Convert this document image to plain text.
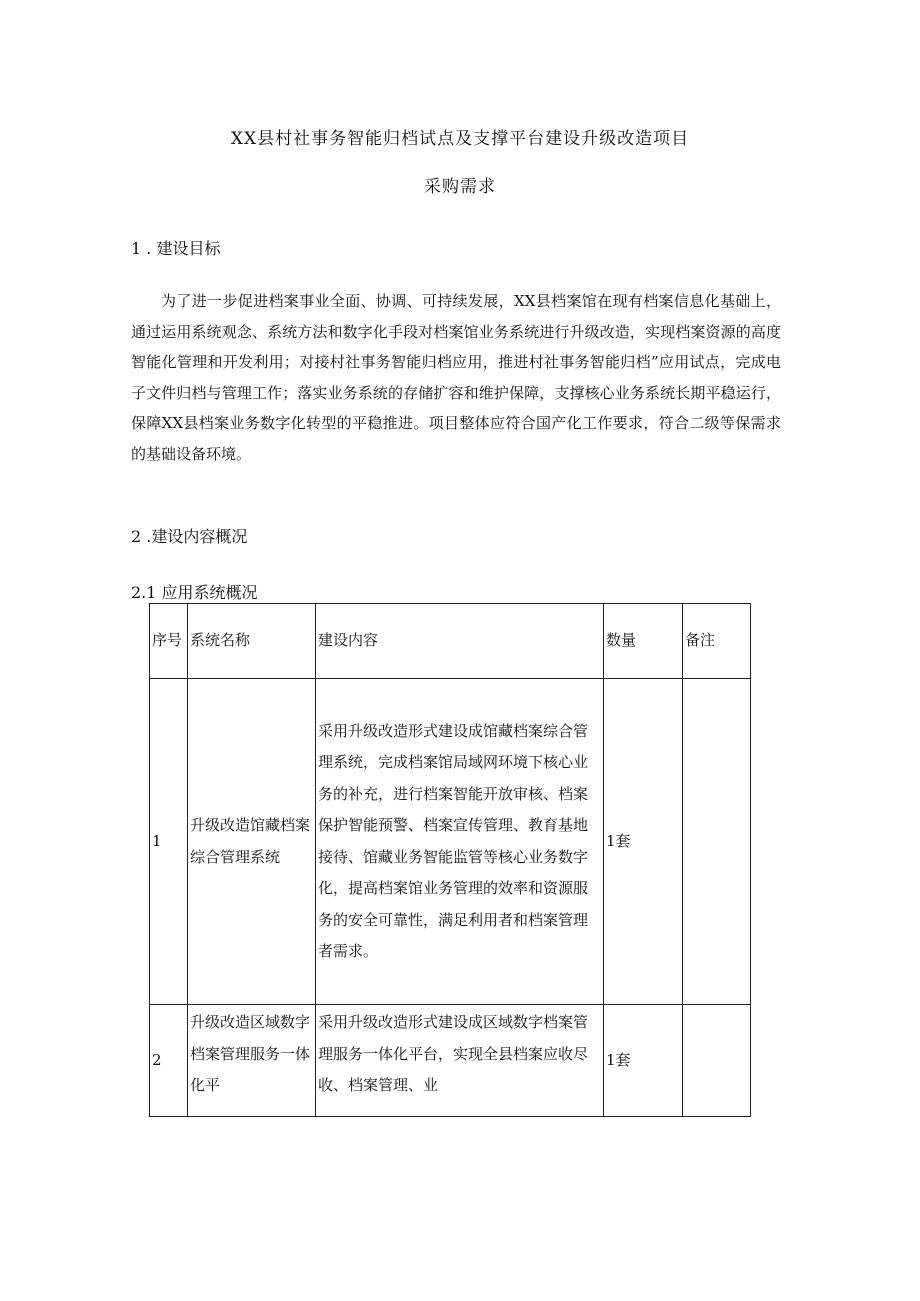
XX县村社事务智能归档试点及支撑平台建设升级改造项目
采购需求
1 . 建设目标
为了进一步促进档案事业全面、协调、可持续发展，XX县档案馆在现有档案信息化基础上，通过运用系统观念、系统方法和数字化手段对档案馆业务系统进行升级改造，实现档案资源的高度智能化管理和开发利用；对接村社事务智能归档应用，推进村社事务智能归档”应用试点，完成电子文件归档与管理工作；落实业务系统的存储扩容和维护保障，支撑核心业务系统长期平稳运行，保障XX县档案业务数字化转型的平稳推进。项目整体应符合国产化工作要求，符合二级等保需求的基础设备环境。
2 .建设内容概况
2.1 应用系统概况
序号	系统名称	建设内容	数量	备注
1	升级改造馆藏档案综合管理系统	采用升级改造形式建设成馆藏档案综合管理系统，完成档案馆局域网环境下核心业务的补充，进行档案智能开放审核、档案保护智能预警、档案宣传管理、教育基地接待、馆藏业务智能监管等核心业务数字化，提高档案馆业务管理的效率和资源服务的安全可靠性，满足利用者和档案管理者需求。	1套	
2	升级改造区域数字档案管理服务一体化平	采用升级改造形式建设成区域数字档案管理服务一体化平台，实现全县档案应收尽收、档案管理、业	1套	
